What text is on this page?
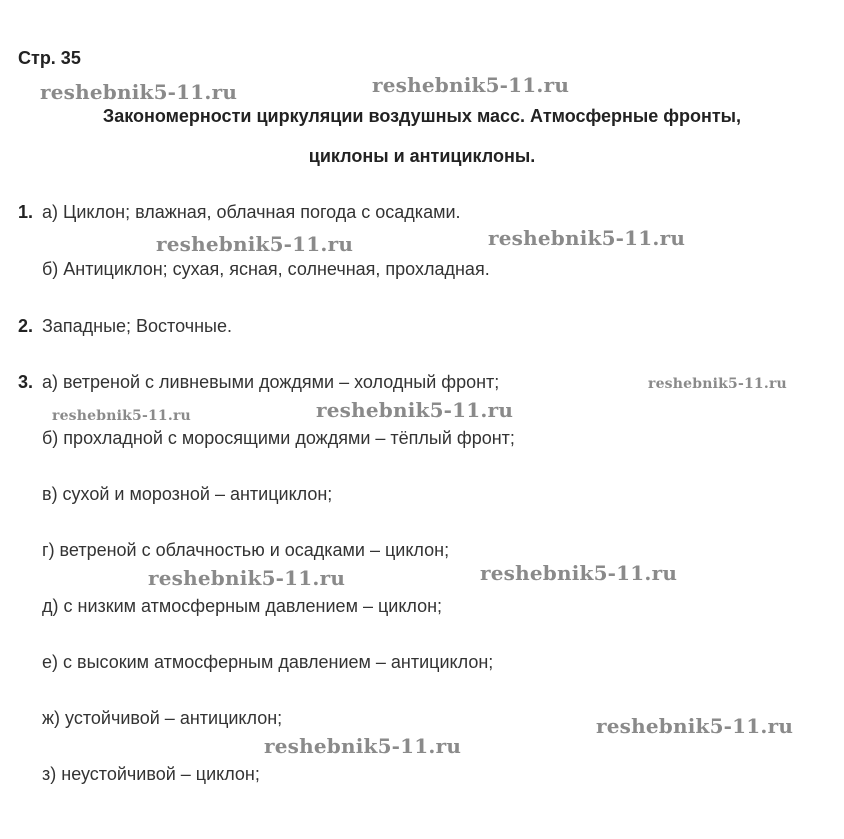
Стр. 35
Закономерности циркуляции воздушных масс. Атмосферные фронты,
циклоны и антициклоны.
1. а) Циклон; влажная, облачная погода с осадками.
б) Антициклон; сухая, ясная, солнечная, прохладная.
2. Западные; Восточные.
3. а) ветреной с ливневыми дождями – холодный фронт;
б) прохладной с моросящими дождями – тёплый фронт;
в) сухой и морозной – антициклон;
г) ветреной с облачностью и осадками – циклон;
д) с низким атмосферным давлением – циклон;
е) с высоким атмосферным давлением – антициклон;
ж) устойчивой – антициклон;
з) неустойчивой – циклон;
reshebnik5-11.ru	reshebnik5-11.ru
reshebnik5-11.ru	reshebnik5-11.ru
reshebnik5-11.ru
reshebnik5-11.ru	reshebnik5-11.ru
reshebnik5-11.ru	reshebnik5-11.ru
reshebnik5-11.ru
reshebnik5-11.ru
